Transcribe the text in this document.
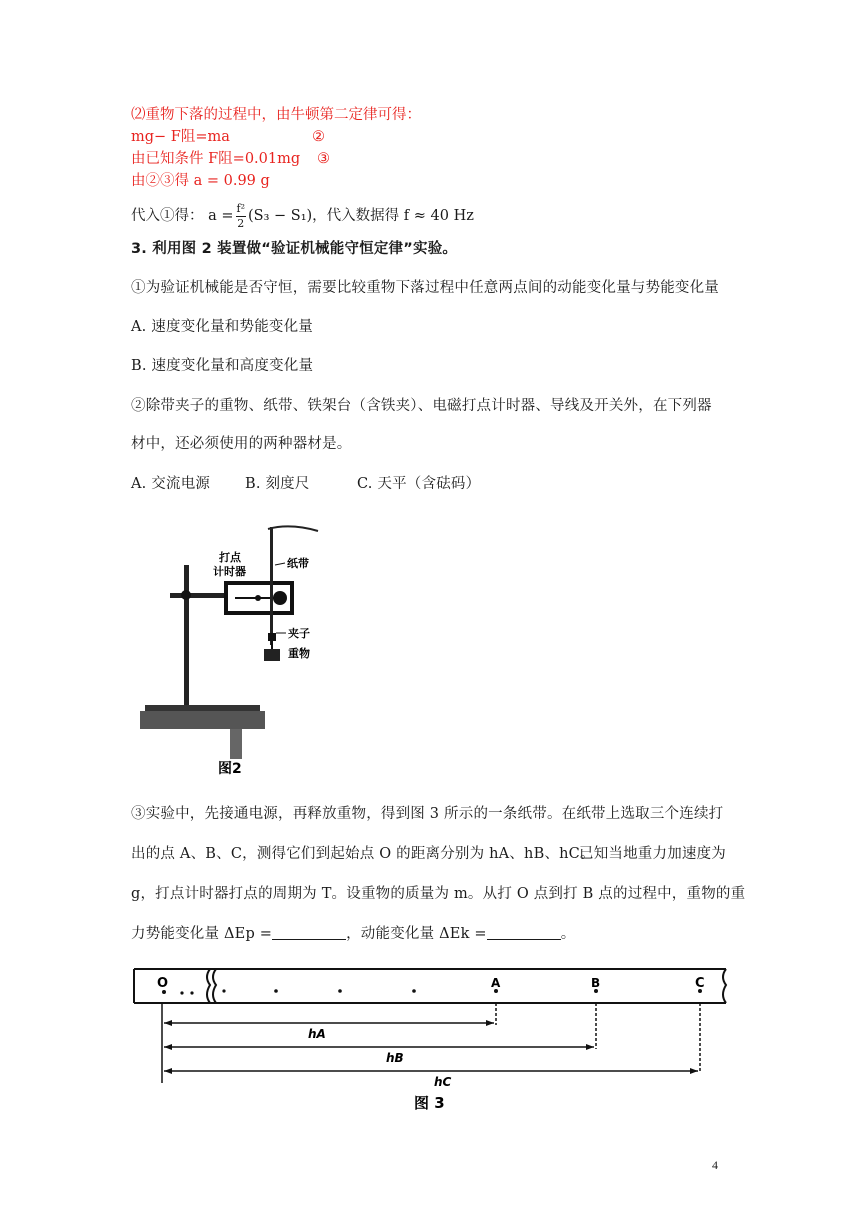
⑵重物下落的过程中，由牛顿第二定律可得：
mg− F阻=ma	②
由已知条件 F阻=0.01mg ③
由②③得 a = 0.99 g
代入①得： $a = \frac{\text{f²}}{2} (S_3 - S_1)$，代入数据得 f ≈ 40 Hz
3. 利用图 2 装置做“验证机械能守恒定律”实验。
①为验证机械能是否守恒，需要比较重物下落过程中任意两点间的动能变化量与势能变化量
A. 速度变化量和势能变化量
B. 速度变化量和高度变化量
②除带夹子的重物、纸带、铁架台（含铁夹）、电磁打点计时器、导线及开关外，在下列器
材中，还必须使用的两种器材是。
A. 交流电源 B. 刻度尺	C. 天平（含砝码）
打点
计时器
纸带
夹子
重物
图2
③实验中，先接通电源，再释放重物，得到图 3 所示的一条纸带。在纸带上选取三个连续打
出的点 A、B、C，测得它们到起始点 O 的距离分别为 hA、hB、hC。
已知当地重力加速度为
g，打点计时器打点的周期为 T。设重物的质量为 m。从打 O 点到打 B 点的过程中，重物的重
力势能变化量 ΔEp =	，动能变化量 ΔEk =	。
O	A	B	C
hA
hB
hC
图 3
4
